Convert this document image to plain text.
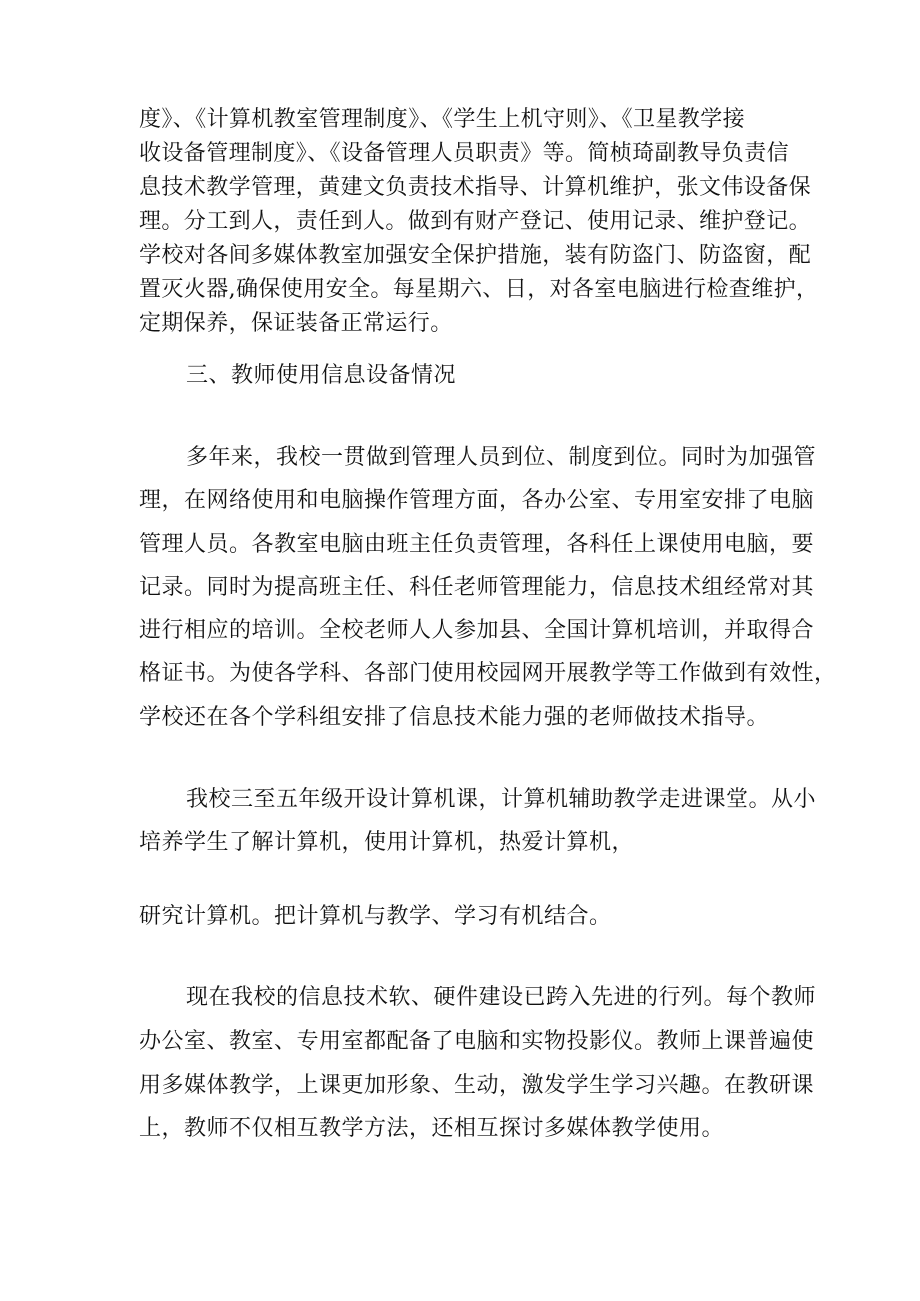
度》、《计算机教室管理制度》、《学生上机守则》、《卫星教学接
收设备管理制度》、《设备管理人员职责》等。简桢琦副教导负责信
息技术教学管理，黄建文负责技术指导、计算机维护，张文伟设备保
理。分工到人，责任到人。做到有财产登记、使用记录、维护登记。
学校对各间多媒体教室加强安全保护措施，装有防盗门、防盗窗，配
置灭火器,确保使用安全。每星期六、日，对各室电脑进行检查维护，
定期保养，保证装备正常运行。
三、教师使用信息设备情况
多年来，我校一贯做到管理人员到位、制度到位。同时为加强管
理，在网络使用和电脑操作管理方面，各办公室、专用室安排了电脑
管理人员。各教室电脑由班主任负责管理，各科任上课使用电脑，要
记录。同时为提高班主任、科任老师管理能力，信息技术组经常对其
进行相应的培训。全校老师人人参加县、全国计算机培训，并取得合
格证书。为使各学科、各部门使用校园网开展教学等工作做到有效性，
学校还在各个学科组安排了信息技术能力强的老师做技术指导。
我校三至五年级开设计算机课，计算机辅助教学走进课堂。从小
培养学生了解计算机，使用计算机，热爱计算机，
研究计算机。把计算机与教学、学习有机结合。
现在我校的信息技术软、硬件建设已跨入先进的行列。每个教师
办公室、教室、专用室都配备了电脑和实物投影仪。教师上课普遍使
用多媒体教学，上课更加形象、生动，激发学生学习兴趣。在教研课
上，教师不仅相互教学方法，还相互探讨多媒体教学使用。
